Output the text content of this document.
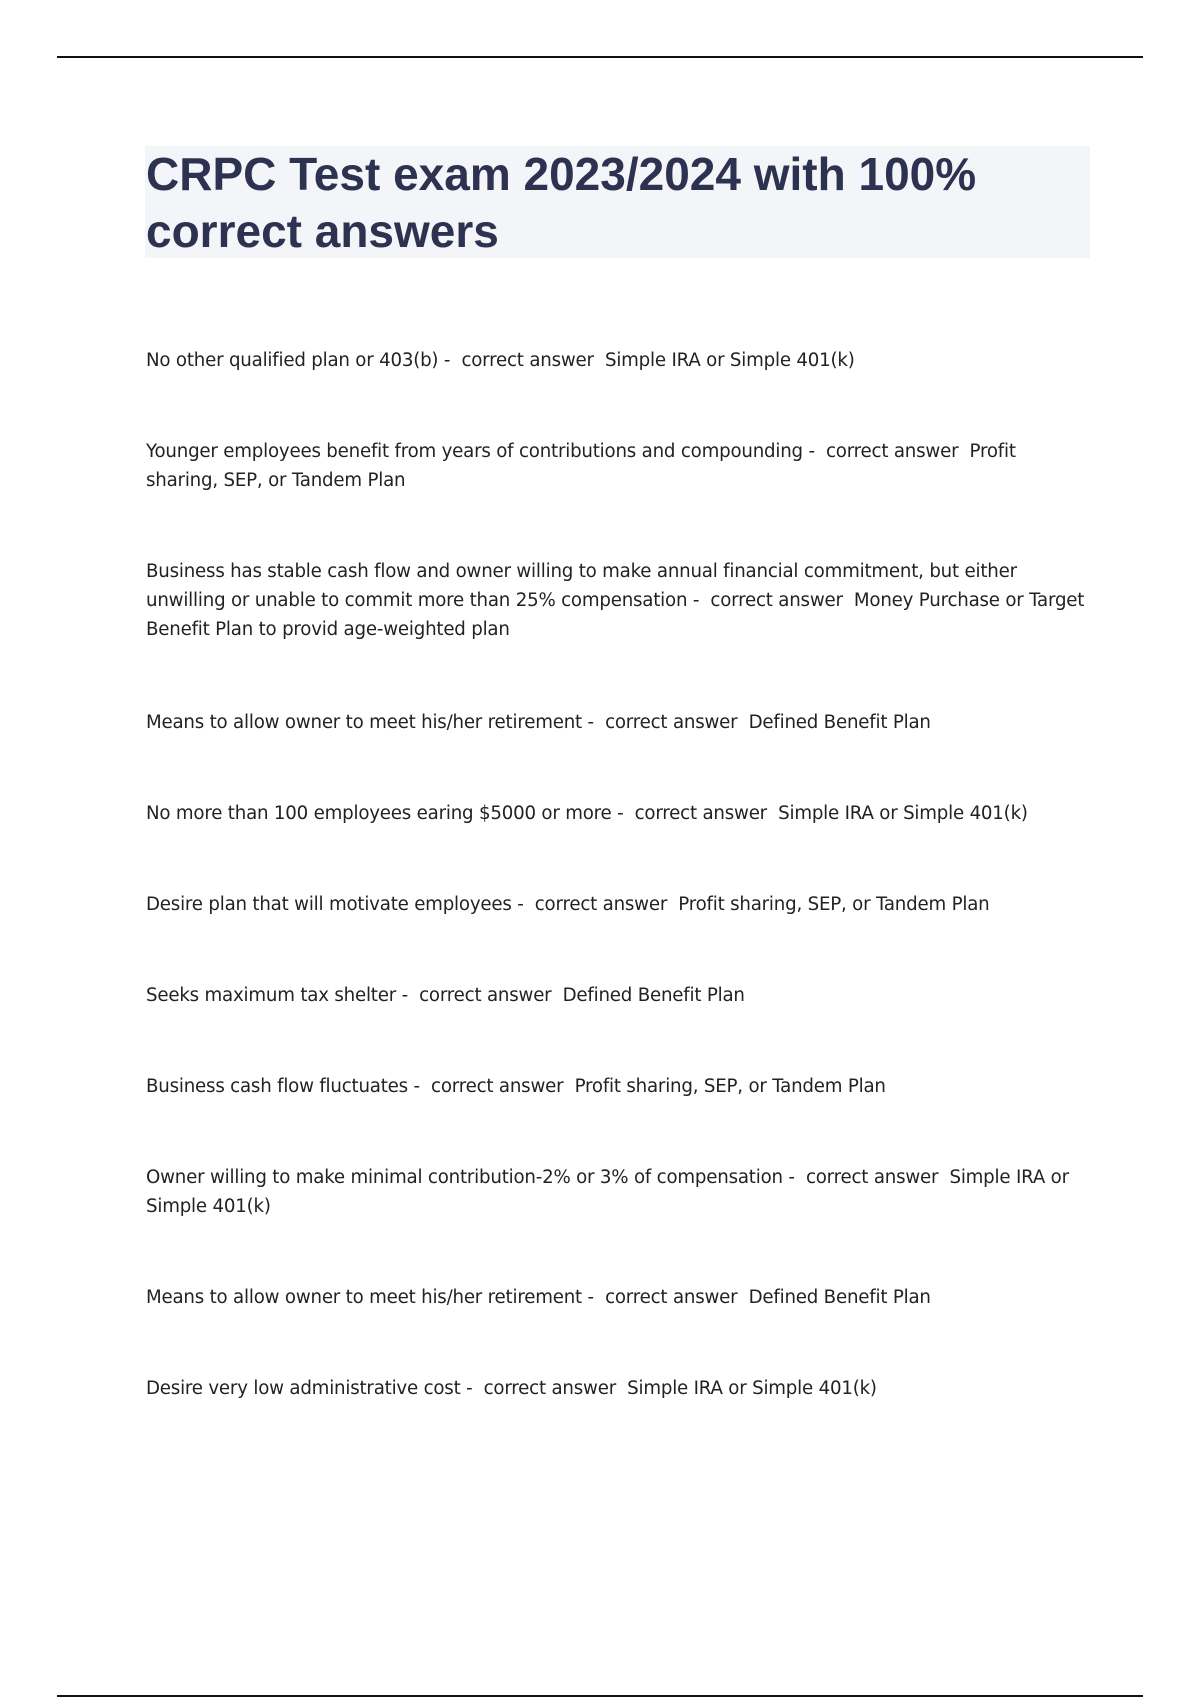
CRPC Test exam 2023/2024 with 100% correct answers
No other qualified plan or 403(b) -  correct answer  Simple IRA or Simple 401(k)
Younger employees benefit from years of contributions and compounding -  correct answer  Profit sharing, SEP, or Tandem Plan
Business has stable cash flow and owner willing to make annual financial commitment, but either unwilling or unable to commit more than 25% compensation -  correct answer  Money Purchase or Target Benefit Plan to provid age-weighted plan
Means to allow owner to meet his/her retirement -  correct answer  Defined Benefit Plan
No more than 100 employees earing $5000 or more -  correct answer  Simple IRA or Simple 401(k)
Desire plan that will motivate employees -  correct answer  Profit sharing, SEP, or Tandem Plan
Seeks maximum tax shelter -  correct answer  Defined Benefit Plan
Business cash flow fluctuates -  correct answer  Profit sharing, SEP, or Tandem Plan
Owner willing to make minimal contribution-2% or 3% of compensation -  correct answer  Simple IRA or Simple 401(k)
Means to allow owner to meet his/her retirement -  correct answer  Defined Benefit Plan
Desire very low administrative cost -  correct answer  Simple IRA or Simple 401(k)
